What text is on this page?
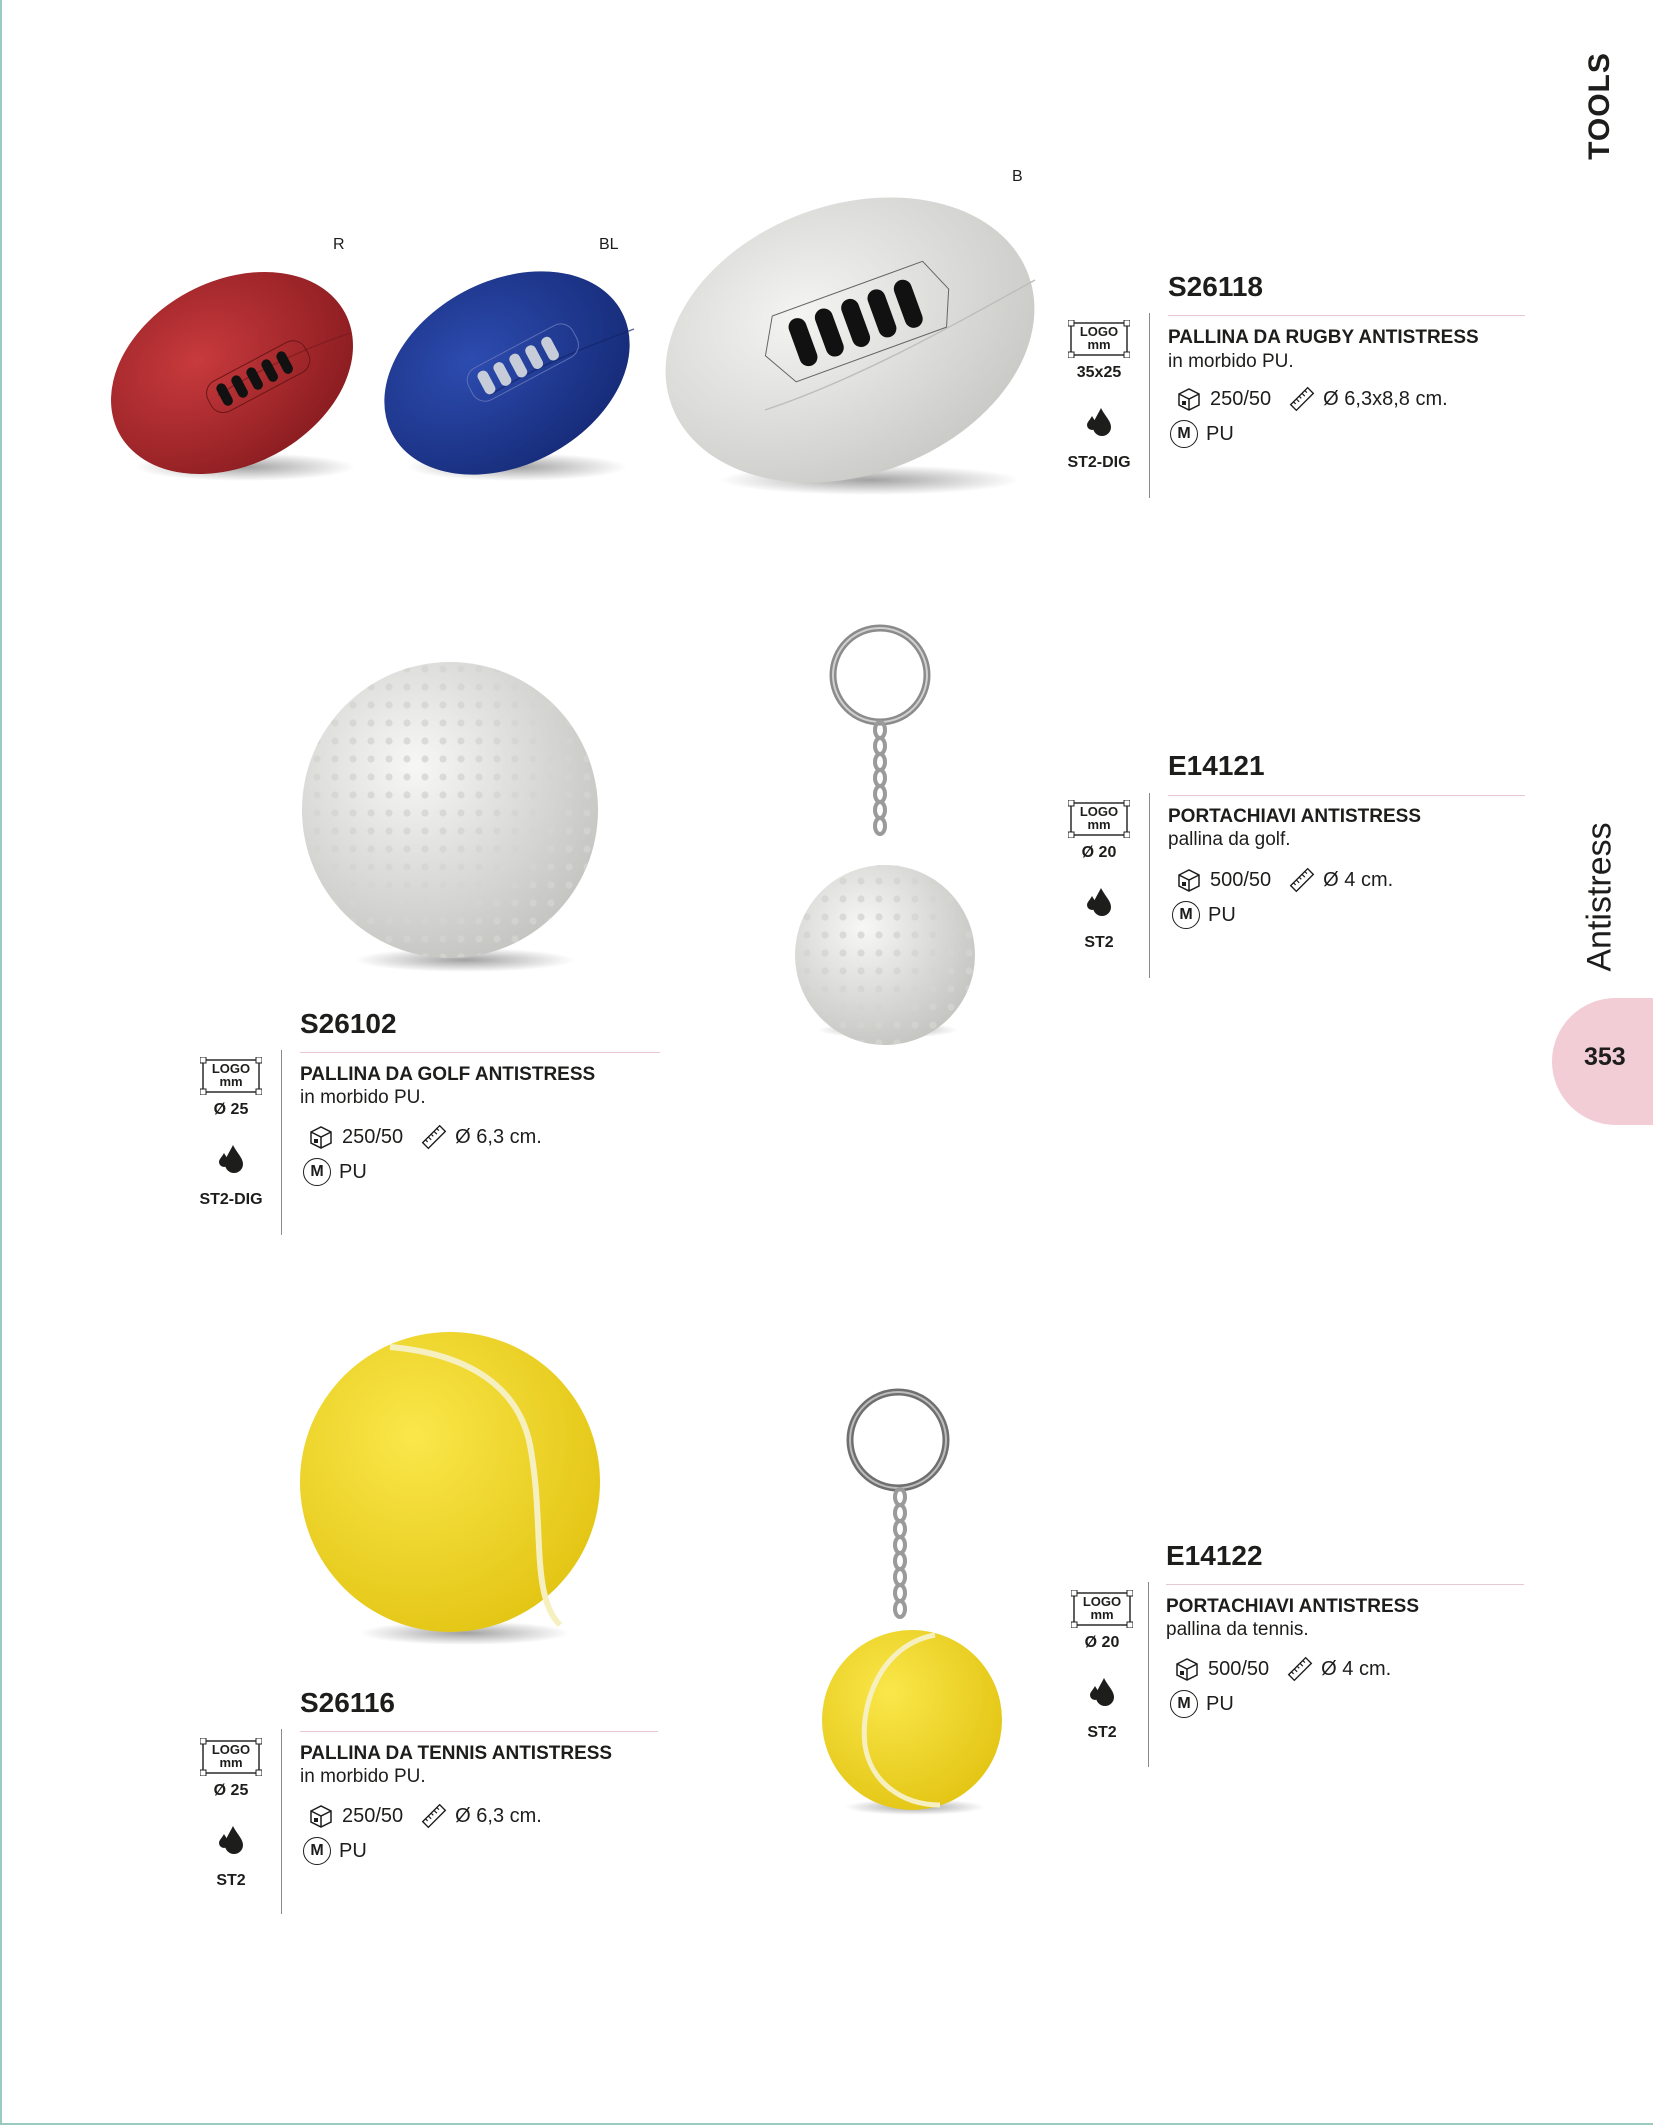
TOOLS
Antistress
353
R	BL
B
S26118
PALLINA DA RUGBY ANTISTRESS
in morbido PU.
250/50	Ø 6,3x8,8 cm.
M PU
LOGO
mm
35x25
ST2-DIG
S26102
PALLINA DA GOLF ANTISTRESS
in morbido PU.
250/50	Ø 6,3 cm.
M PU
LOGO
mm
Ø 25
ST2-DIG
E14121
PORTACHIAVI ANTISTRESS
pallina da golf.
500/50	Ø 4 cm.
M PU
LOGO
mm
Ø 20
ST2
S26116
PALLINA DA TENNIS ANTISTRESS
in morbido PU.
250/50	Ø 6,3 cm.
M PU
LOGO
mm
Ø 25
ST2
E14122
PORTACHIAVI ANTISTRESS
pallina da tennis.
500/50	Ø 4 cm.
M PU
LOGO
mm
Ø 20
ST2
